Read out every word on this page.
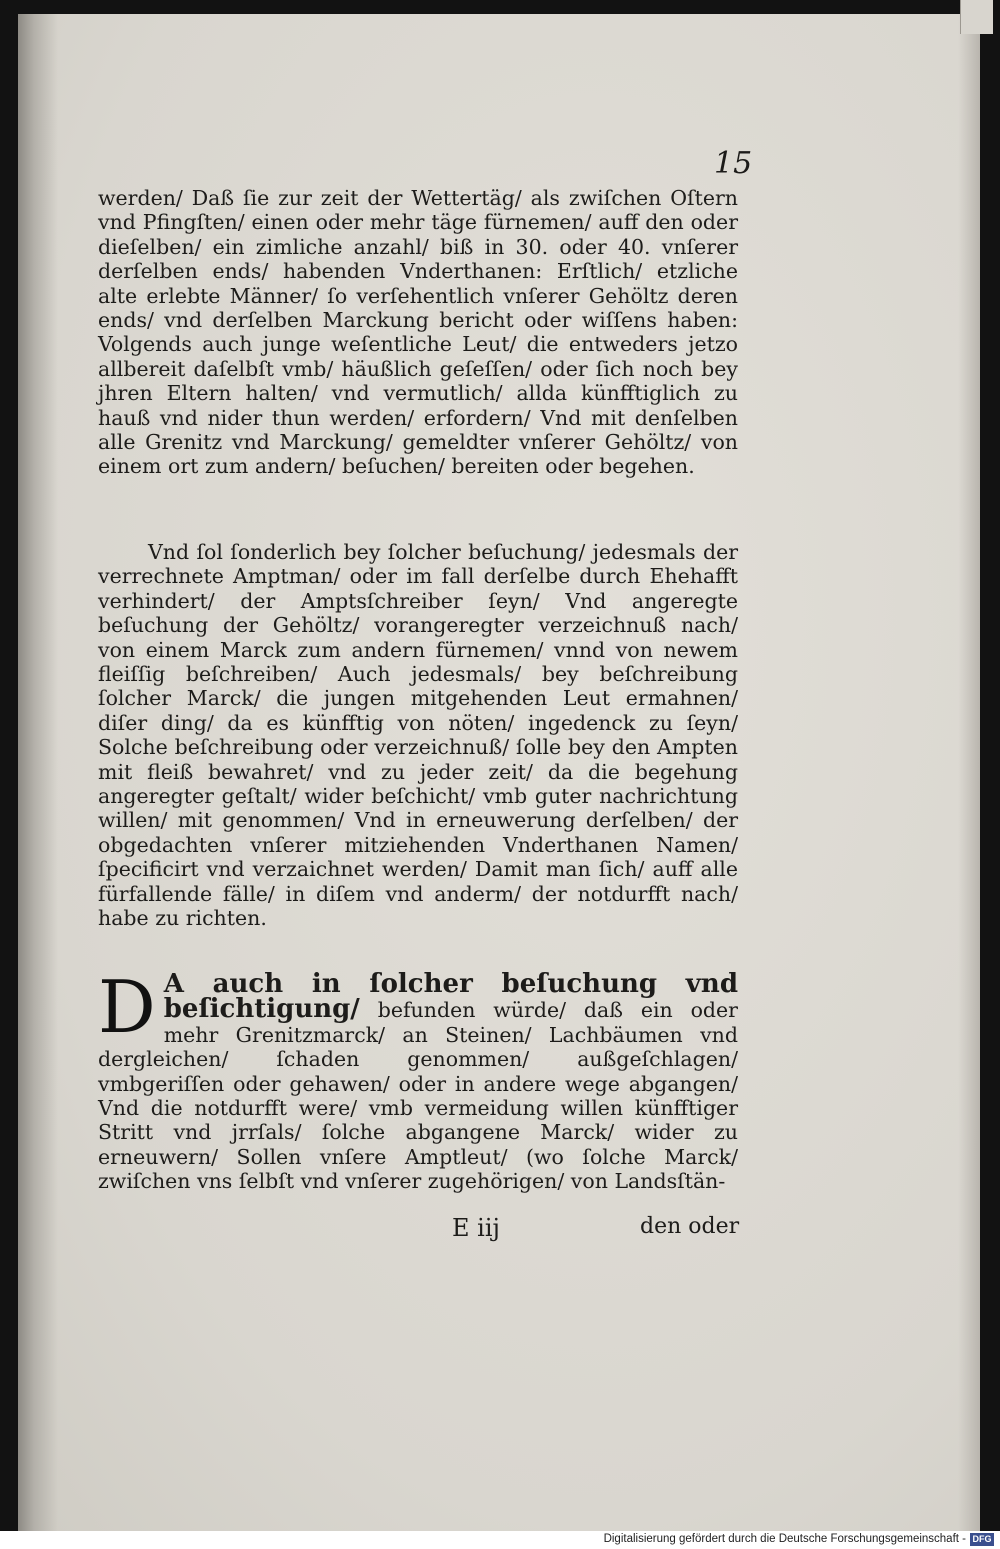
15
werden/ Daß ſie zur zeit der Wettertäg/ als zwiſchen Oſtern vnd Pfingſten/ einen oder mehr täge fürnemen/ auff den oder dieſelben/ ein zimliche anzahl/ biß in 30. oder 40. vnſerer derſelben ends/ habenden Vnderthanen: Erſtlich/ etzliche alte erlebte Männer/ ſo verſehentlich vnſerer Gehöltz deren ends/ vnd derſelben Marckung bericht oder wiſſens haben: Volgends auch junge weſentliche Leut/ die entweders jetzo allbereit daſelbſt vmb/ häußlich geſeſſen/ oder ſich noch bey jhren Eltern halten/ vnd vermutlich/ allda künfftiglich zu hauß vnd nider thun werden/ erfordern/ Vnd mit denſelben alle Grenitz vnd Marckung/ gemeldter vnſerer Gehöltz/ von einem ort zum andern/ beſuchen/ bereiten oder begehen.
Vnd ſol ſonderlich bey ſolcher beſuchung/ jedesmals der verrechnete Amptman/ oder im fall derſelbe durch Ehehafft verhindert/ der Amptsſchreiber ſeyn/ Vnd angeregte beſuchung der Gehöltz/ vorangeregter verzeichnuß nach/ von einem Marck zum andern fürnemen/ vnnd von newem fleiſſig beſchreiben/ Auch jedesmals/ bey beſchreibung ſolcher Marck/ die jungen mitgehenden Leut ermahnen/ diſer ding/ da es künfftig von nöten/ ingedenck zu ſeyn/ Solche beſchreibung oder verzeichnuß/ ſolle bey den Ampten mit fleiß bewahret/ vnd zu jeder zeit/ da die begehung angeregter geſtalt/ wider beſchicht/ vmb guter nachrichtung willen/ mit genommen/ Vnd in erneuwerung derſelben/ der obgedachten vnſerer mitziehenden Vnderthanen Namen/ ſpecificirt vnd verzaichnet werden/ Damit man ſich/ auff alle fürfallende fälle/ in diſem vnd anderm/ der notdurfft nach/ habe zu richten.
D A auch in ſolcher beſuchung vnd beſichtigung/ befunden würde/ daß ein oder mehr Grenitzmarck/ an Steinen/ Lachbäumen vnd dergleichen/ ſchaden genommen/ außgeſchlagen/ vmbgeriſſen oder gehawen/ oder in andere wege abgangen/ Vnd die notdurfft were/ vmb vermeidung willen künfftiger Stritt vnd jrrſals/ ſolche abgangene Marck/ wider zu erneuwern/ Sollen vnſere Amptleut/ (wo ſolche Marck/ zwiſchen vns ſelbſt vnd vnſerer zugehörigen/ von Landsſtän-
E iij	den oder
Digitalisierung gefördert durch die Deutsche Forschungsgemeinschaft - DFG
